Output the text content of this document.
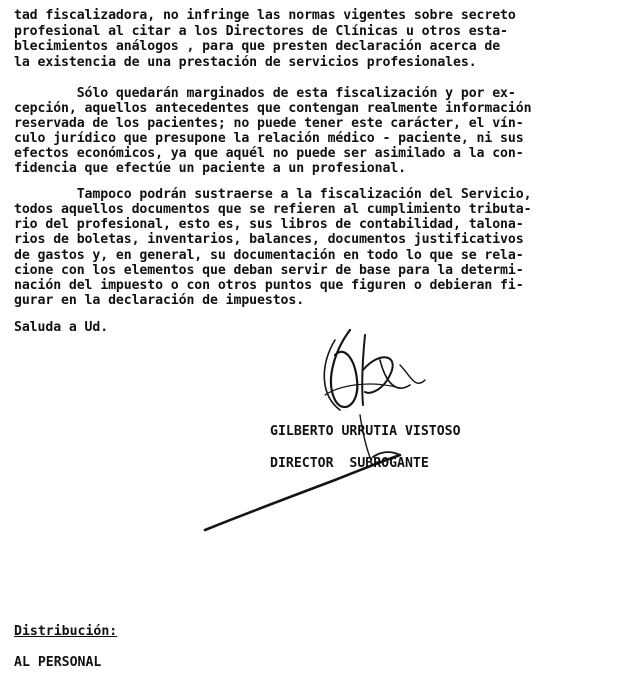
tad fiscalizadora, no infringe las normas vigentes sobre secreto
profesional al citar a los Directores de Clínicas u otros esta-
blecimientos análogos , para que presten declaración acerca de
la existencia de una prestación de servicios profesionales.
Sólo quedarán marginados de esta fiscalización y por ex-
cepción, aquellos antecedentes que contengan realmente información
reservada de los pacientes; no puede tener este carácter, el vín-
culo jurídico que presupone la relación médico - paciente, ni sus
efectos económicos, ya que aquél no puede ser asimilado a la con-
fidencia que efectúe un paciente a un profesional.
Tampoco podrán sustraerse a la fiscalización del Servicio,
todos aquellos documentos que se refieren al cumplimiento tributa-
rio del profesional, esto es, sus libros de contabilidad, talona-
rios de boletas, inventarios, balances, documentos justificativos
de gastos y, en general, su documentación en todo lo que se rela-
cione con los elementos que deban servir de base para la determi-
nación del impuesto o con otros puntos que figuren o debieran fi-
gurar en la declaración de impuestos.
Saluda a Ud.
GILBERTO URRUTIA VISTOSO
DIRECTOR  SUBROGANTE
Distribución:
AL PERSONAL
